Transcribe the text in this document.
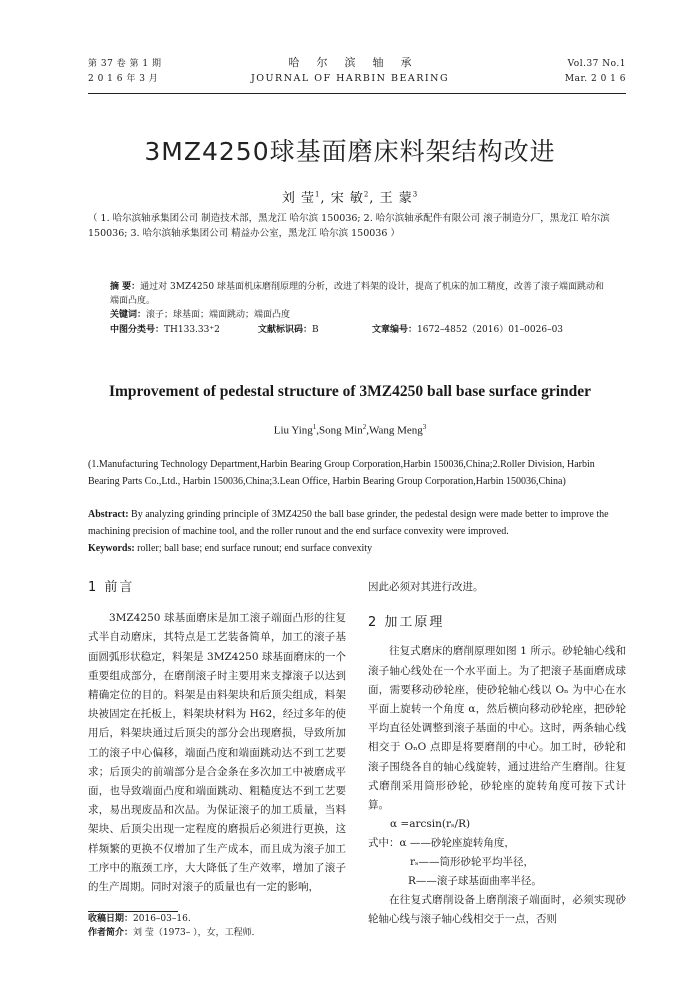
第 37 卷 第 1 期
2 0 1 6 年 3 月
哈尔滨轴承
JOURNAL OF HARBIN BEARING
Vol.37 No.1
Mar. 2 0 1 6
3MZ4250球基面磨床料架结构改进
刘 莹$^1$, 宋 敏$^2$, 王 蒙$^3$
（ 1. 哈尔滨轴承集团公司 制造技术部，黑龙江 哈尔滨 150036; 2. 哈尔滨轴承配件有限公司 滚子制造分厂，黑龙江 哈尔滨 150036; 3. 哈尔滨轴承集团公司 精益办公室，黑龙江 哈尔滨 150036 ）
摘 要：通过对 3MZ4250 球基面机床磨削原理的分析，改进了料架的设计，提高了机床的加工精度，改善了滚子端面跳动和端面凸度。
关键词：滚子；球基面；端面跳动；端面凸度
中图分类号：TH133.33⁺2	文献标识码：B	文章编号：1672–4852（2016）01–0026–03
Improvement of pedestal structure of 3MZ4250 ball base surface grinder
Liu Ying$^1$,Song Min$^2$,Wang Meng$^3$
(1.Manufacturing Technology Department,Harbin Bearing Group Corporation,Harbin 150036,China;2.Roller Division, Harbin Bearing Parts Co.,Ltd., Harbin 150036,China;3.Lean Office, Harbin Bearing Group Corporation,Harbin 150036,China)
Abstract: By analyzing grinding principle of 3MZ4250 the ball base grinder, the pedestal design were made better to improve the machining precision of machine tool, and the roller runout and the end surface convexity were improved.
Keywords: roller; ball base; end surface runout; end surface convexity
1 前言

3MZ4250 球基面磨床是加工滚子端面凸形的往复式半自动磨床，其特点是工艺装备简单，加工的滚子基面圆弧形状稳定，料架是 3MZ4250 球基面磨床的一个重要组成部分，在磨削滚子时主要用来支撑滚子以达到精确定位的目的。料架是由料架块和后顶尖组成，料架块被固定在托板上，料架块材料为 H62，经过多年的使用后，料架块通过后顶尖的部分会出现磨损，导致所加工的滚子中心偏移，端面凸度和端面跳动达不到工艺要求；后顶尖的前端部分是合金条在多次加工中被磨成平面，也导致端面凸度和端面跳动、粗糙度达不到工艺要求，易出现废品和次品。为保证滚子的加工质量，当料架块、后顶尖出现一定程度的磨损后必须进行更换，这样频繁的更换不仅增加了生产成本，而且成为滚子加工工序中的瓶颈工序，大大降低了生产效率，增加了滚子的生产周期。同时对滚子的质量也有一定的影响，

因此必须对其进行改进。
2 加工原理

往复式磨床的磨削原理如图 1 所示。砂轮轴心线和滚子轴心线处在一个水平面上。为了把滚子基面磨成球面，需要移动砂轮座，使砂轮轴心线以 Oₙ 为中心在水平面上旋转一个角度 α，然后横向移动砂轮座，把砂轮平均直径处调整到滚子基面的中心。这时，两条轴心线相交于 OₙO 点即是将要磨削的中心。加工时，砂轮和滚子围绕各自的轴心线旋转，通过进给产生磨削。往复式磨削采用筒形砂轮，砂轮座的旋转角度可按下式计算。

α =arcsin(rₛ/R)
式中：α ——砂轮座旋转角度，
rₛ——筒形砂轮平均半径，
R——滚子球基面曲率半径。

在往复式磨削设备上磨削滚子端面时，必须实现砂轮轴心线与滚子轴心线相交于一点，否则

收稿日期：2016–03–16.
作者简介：刘 莹（1973– ），女，工程师．
